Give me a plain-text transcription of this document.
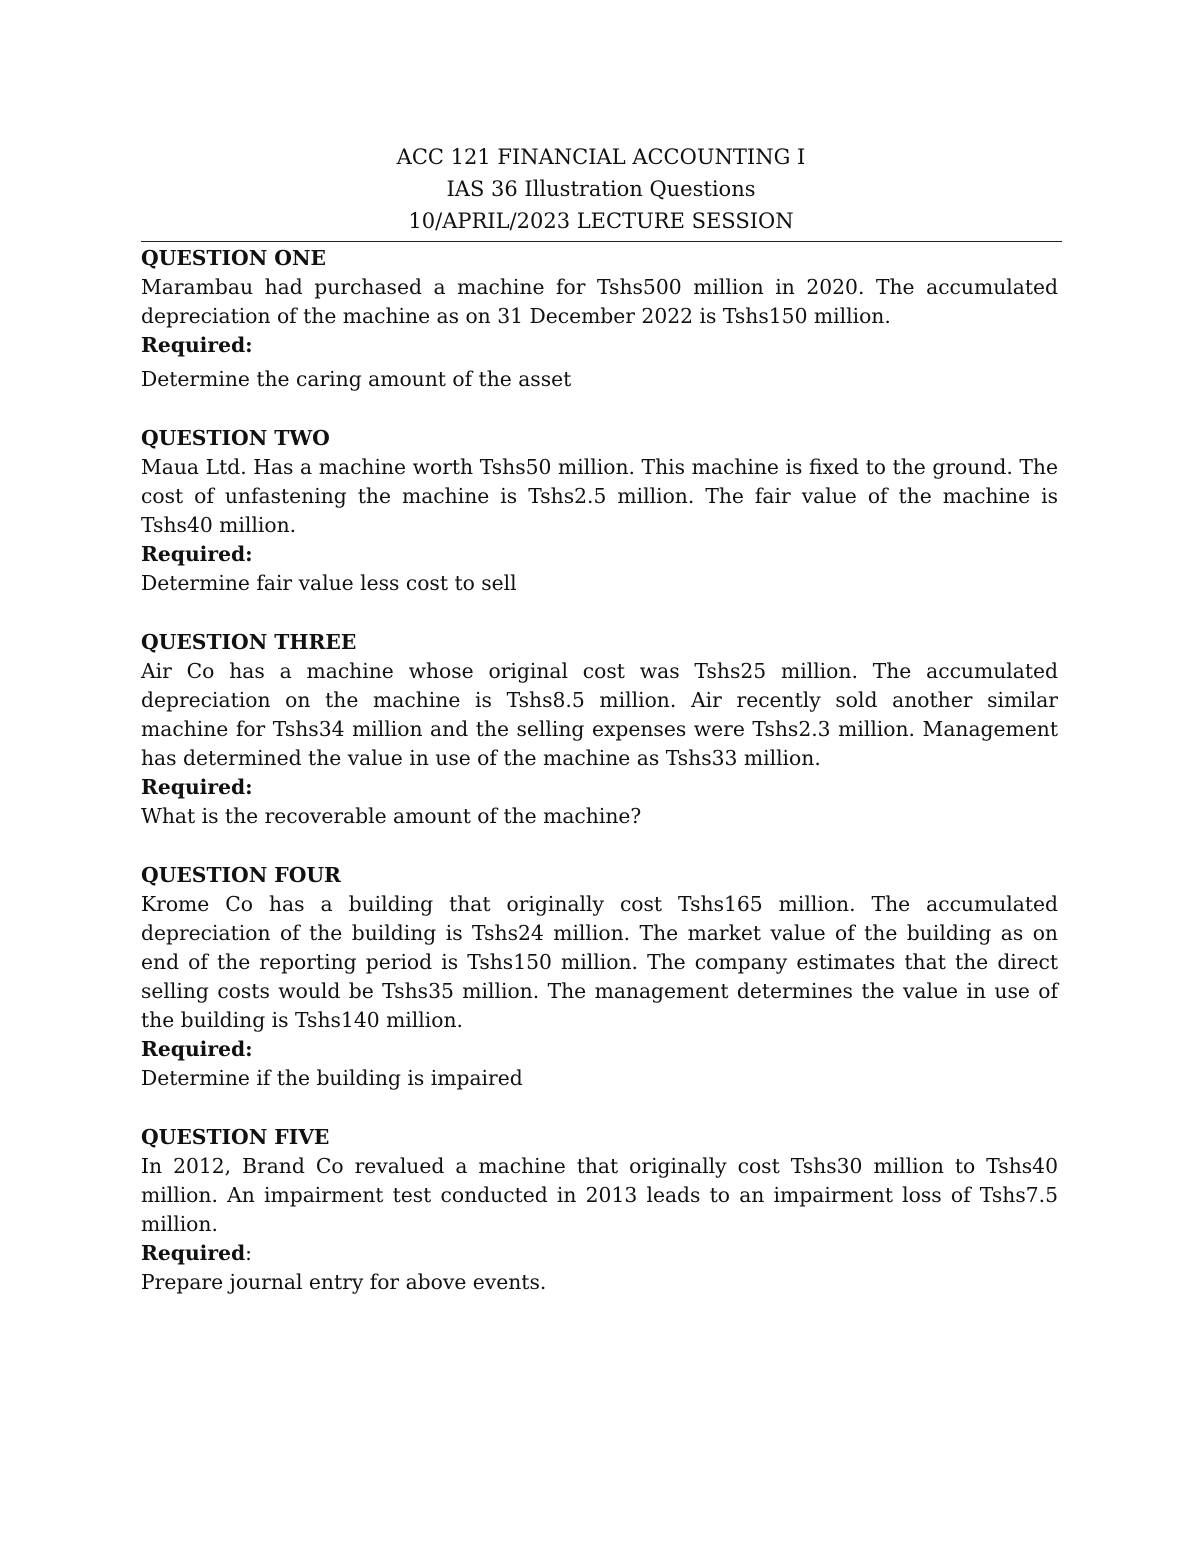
ACC 121 FINANCIAL ACCOUNTING I
IAS 36 Illustration Questions
10/APRIL/2023 LECTURE SESSION
QUESTION ONE
Marambau had purchased a machine for Tshs500 million in 2020. The accumulated depreciation of the machine as on 31 December 2022 is Tshs150 million.
Required:
Determine the caring amount of the asset
QUESTION TWO
Maua Ltd. Has a machine worth Tshs50 million. This machine is fixed to the ground. The cost of unfastening the machine is Tshs2.5 million. The fair value of the machine is Tshs40 million.
Required:
Determine fair value less cost to sell
QUESTION THREE
Air Co has a machine whose original cost was Tshs25 million. The accumulated depreciation on the machine is Tshs8.5 million. Air recently sold another similar machine for Tshs34 million and the selling expenses were Tshs2.3 million. Management has determined the value in use of the machine as Tshs33 million.
Required:
What is the recoverable amount of the machine?
QUESTION FOUR
Krome Co has a building that originally cost Tshs165 million. The accumulated depreciation of the building is Tshs24 million. The market value of the building as on end of the reporting period is Tshs150 million. The company estimates that the direct selling costs would be Tshs35 million. The management determines the value in use of the building is Tshs140 million.
Required:
Determine if the building is impaired
QUESTION FIVE
In 2012, Brand Co revalued a machine that originally cost Tshs30 million to Tshs40 million. An impairment test conducted in 2013 leads to an impairment loss of Tshs7.5 million.
Required:
Prepare journal entry for above events.
